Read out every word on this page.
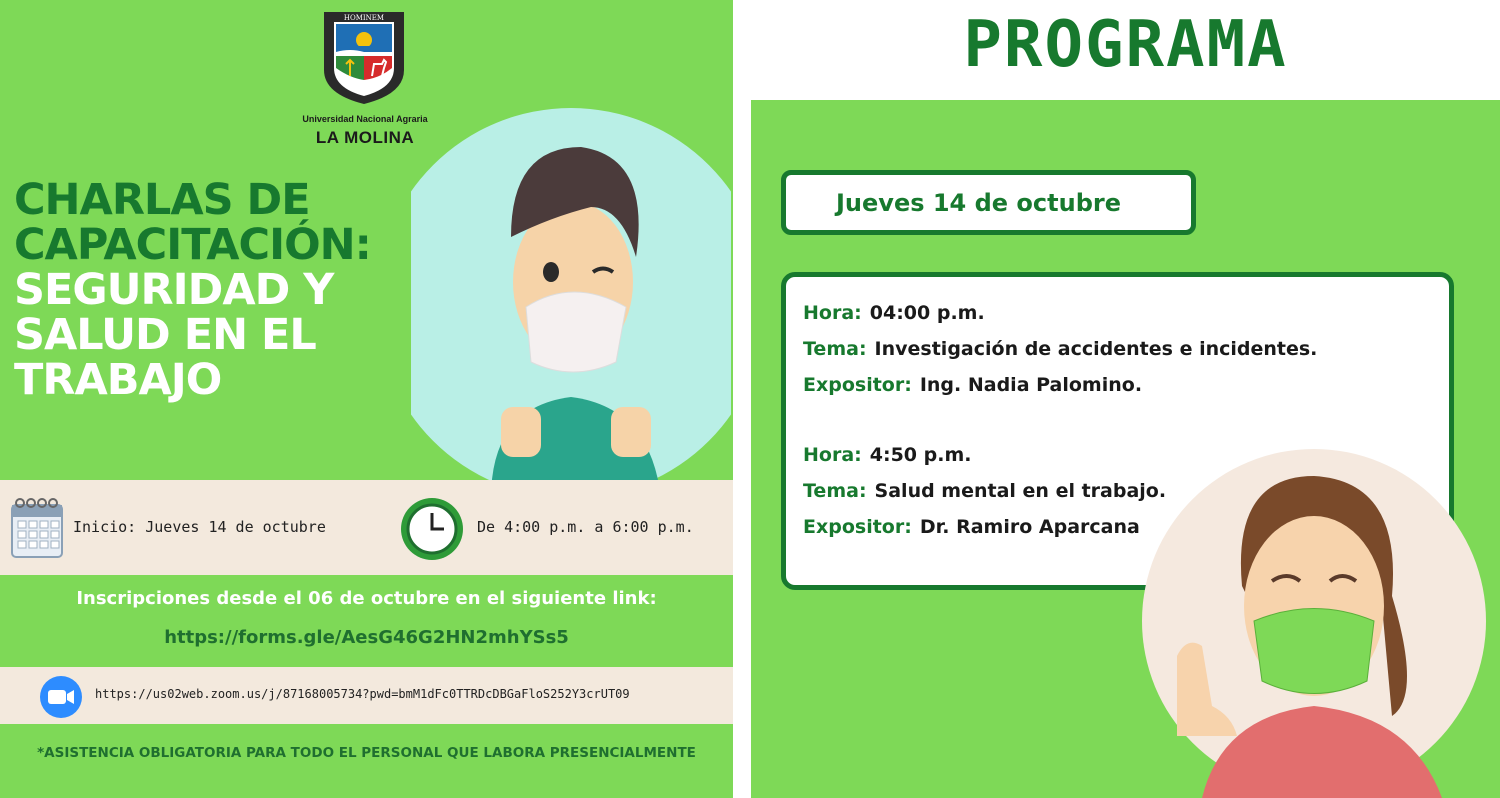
HOMINEM
Universidad Nacional Agraria
LA MOLINA
CHARLAS DE
CAPACITACIÓN:
SEGURIDAD Y
SALUD EN EL
TRABAJO
Inicio: Jueves 14 de octubre	De 4:00 p.m. a 6:00 p.m.
Inscripciones desde el 06 de octubre en el siguiente link:
https://forms.gle/AesG46G2HN2mhYSs5
https://us02web.zoom.us/j/87168005734?pwd=bmM1dFc0TTRDcDBGaFloS252Y3crUT09
*ASISTENCIA OBLIGATORIA PARA TODO EL PERSONAL QUE LABORA PRESENCIALMENTE
PROGRAMA
Jueves 14 de octubre
Hora: 04:00 p.m.
Tema: Investigación de accidentes e incidentes.
Expositor: Ing. Nadia Palomino.
Hora: 4:50 p.m.
Tema: Salud mental en el trabajo.
Expositor: Dr. Ramiro Aparcana
